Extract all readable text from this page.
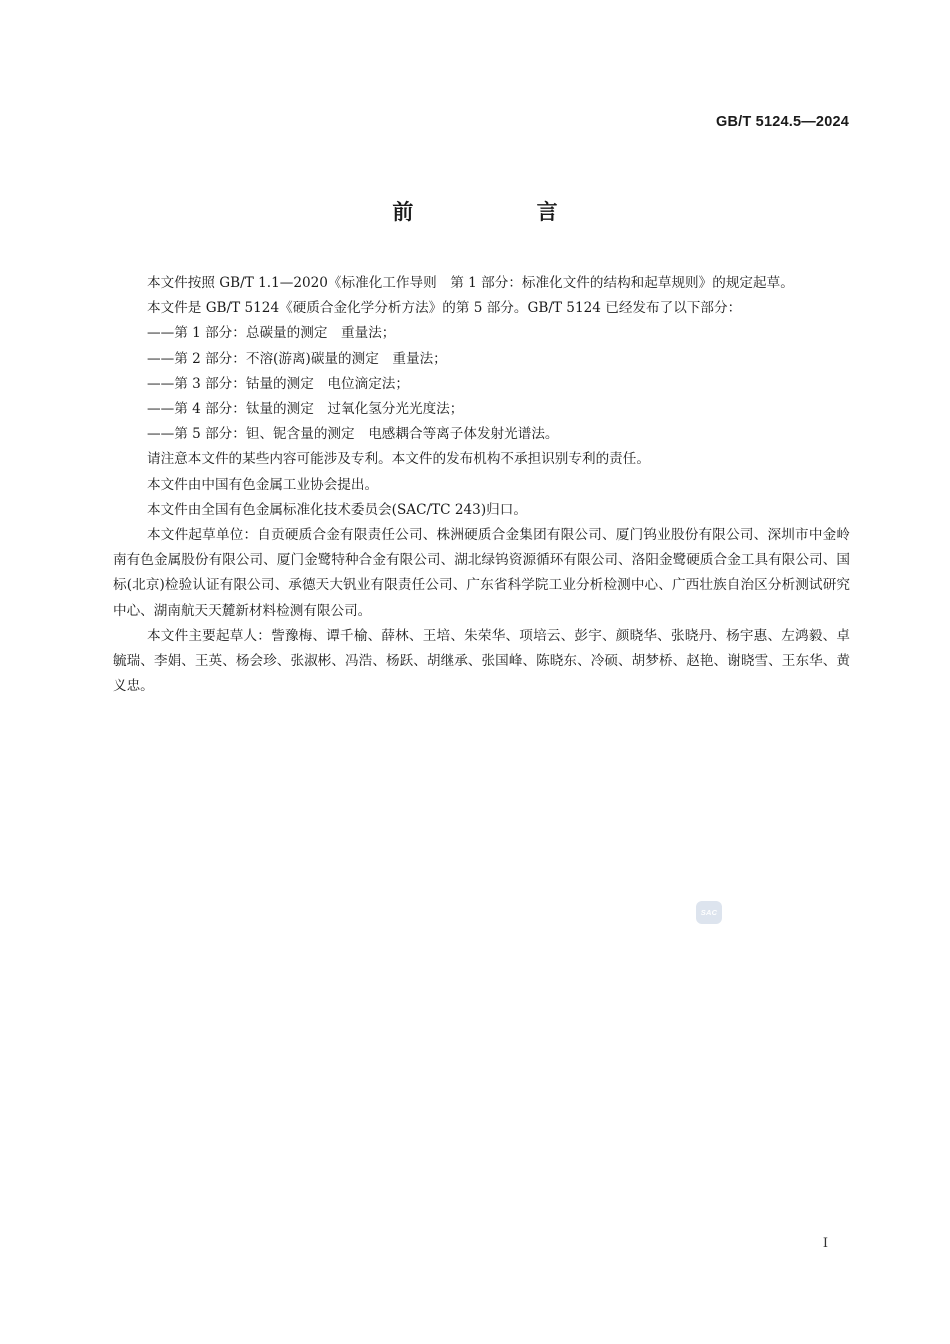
GB/T 5124.5—2024
前 言

本文件按照 GB/T 1.1—2020《标准化工作导则　第 1 部分：标准化文件的结构和起草规则》的规定起草。

本文件是 GB/T 5124《硬质合金化学分析方法》的第 5 部分。GB/T 5124 已经发布了以下部分：

——第 1 部分：总碳量的测定　重量法；

——第 2 部分：不溶(游离)碳量的测定　重量法；

——第 3 部分：钴量的测定　电位滴定法；

——第 4 部分：钛量的测定　过氧化氢分光光度法；

——第 5 部分：钽、铌含量的测定　电感耦合等离子体发射光谱法。

请注意本文件的某些内容可能涉及专利。本文件的发布机构不承担识别专利的责任。

本文件由中国有色金属工业协会提出。

本文件由全国有色金属标准化技术委员会(SAC/TC 243)归口。

本文件起草单位：自贡硬质合金有限责任公司、株洲硬质合金集团有限公司、厦门钨业股份有限公司、深圳市中金岭南有色金属股份有限公司、厦门金鹭特种合金有限公司、湖北绿钨资源循环有限公司、洛阳金鹭硬质合金工具有限公司、国标(北京)检验认证有限公司、承德天大钒业有限责任公司、广东省科学院工业分析检测中心、广西壮族自治区分析测试研究中心、湖南航天天麓新材料检测有限公司。

本文件主要起草人：訾豫梅、谭千榆、薛林、王培、朱荣华、项培云、彭宇、颜晓华、张晓丹、杨宇惠、左鸿毅、卓毓瑞、李娟、王英、杨会珍、张淑彬、冯浩、杨跃、胡继承、张国峰、陈晓东、冷硕、胡梦桥、赵艳、谢晓雪、王东华、黄义忠。

SAC
I
